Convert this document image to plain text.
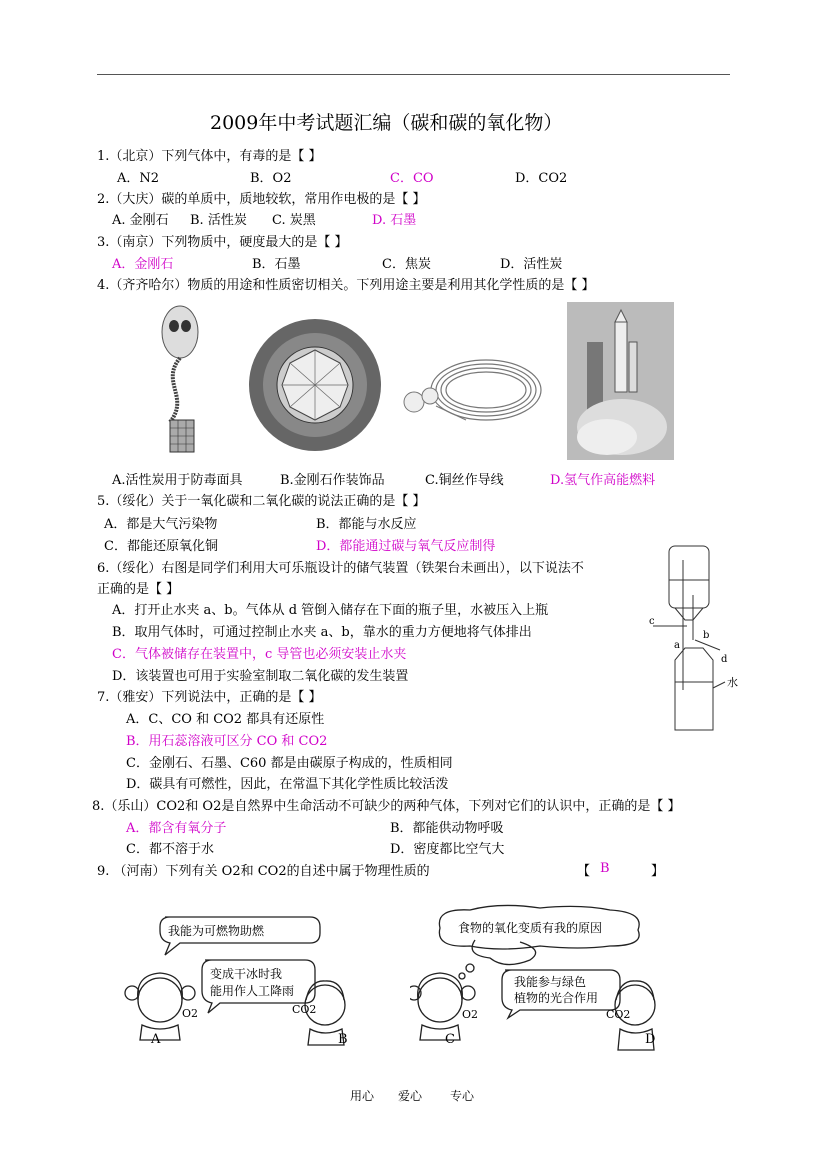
2009年中考试题汇编（碳和碳的氧化物）
1.（北京）下列气体中，有毒的是【 】
A．N2	B．O2	C．CO	D．CO2
2.（大庆）碳的单质中，质地较软，常用作电极的是【 】
A. 金刚石 B. 活性炭 C. 炭黑	D. 石墨
3.（南京）下列物质中，硬度最大的是【 】
A．金刚石	B．石墨	C．焦炭	D．活性炭
4.（齐齐哈尔）物质的用途和性质密切相关。下列用途主要是利用其化学性质的是【 】
A.活性炭用于防毒面具	B.金刚石作装饰品	C.铜丝作导线	D.氢气作高能燃料
5.（绥化）关于一氧化碳和二氧化碳的说法正确的是【 】
A．都是大气污染物	B．都能与水反应
C．都能还原氧化铜	D．都能通过碳与氧气反应制得
6.（绥化）右图是同学们利用大可乐瓶设计的储气装置（铁架台未画出），以下说法不
正确的是【 】
A．打开止水夹 a、b。气体从 d 管倒入储存在下面的瓶子里，水被压入上瓶
B．取用气体时，可通过控制止水夹 a、b，靠水的重力方便地将气体排出
C．气体被储存在装置中，c 导管也必须安装止水夹
D．该装置也可用于实验室制取二氧化碳的发生装置
c
a
b
d
水
7.（雅安）下列说法中，正确的是【 】
A．C、CO 和 CO2 都具有还原性
B．用石蕊溶液可区分 CO 和 CO2
C．金刚石、石墨、C60 都是由碳原子构成的，性质相同
D．碳具有可燃性，因此，在常温下其化学性质比较活泼
8.（乐山）CO2和 O2是自然界中生命活动不可缺少的两种气体，下列对它们的认识中，正确的是【 】
A．都含有氧分子	B．都能供动物呼吸
C．都不溶于水	D．密度都比空气大
9. （河南）下列有关 O2和 CO2的自述中属于物理性质的	【 B	】
我能为可燃物助燃
变成干冰时我
能用作人工降雨
O2	CO2
A	B
食物的氧化变质有我的原因
我能参与绿色
植物的光合作用
O2	CO2
C	D
用心 爱心 专心
